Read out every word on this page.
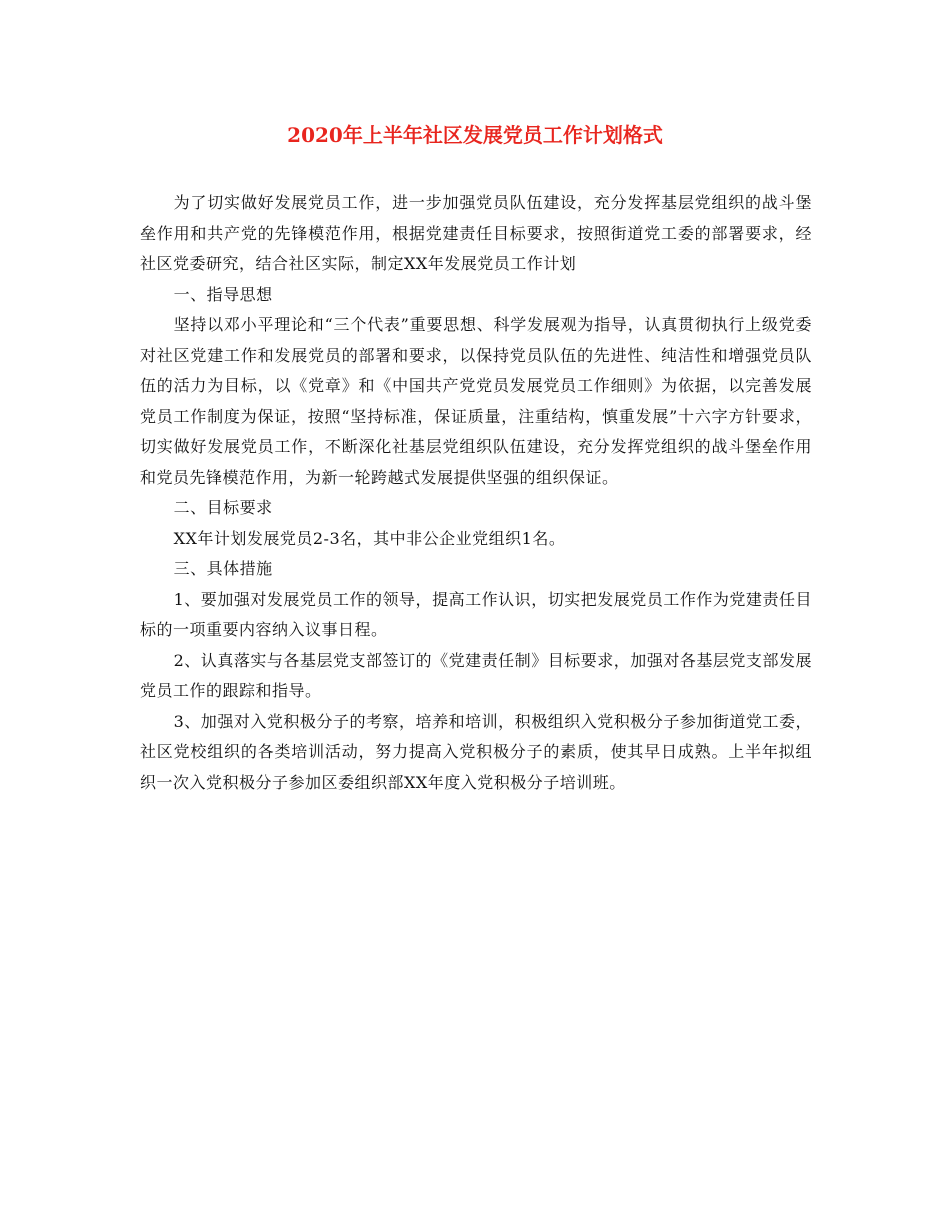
2020年上半年社区发展党员工作计划格式

为了切实做好发展党员工作，进一步加强党员队伍建设，充分发挥基层党组织的战斗堡垒作用和共产党的先锋模范作用，根据党建责任目标要求，按照街道党工委的部署要求，经社区党委研究，结合社区实际，制定XX年发展党员工作计划

一、指导思想

坚持以邓小平理论和“三个代表”重要思想、科学发展观为指导，认真贯彻执行上级党委对社区党建工作和发展党员的部署和要求，以保持党员队伍的先进性、纯洁性和增强党员队伍的活力为目标，以《党章》和《中国共产党党员发展党员工作细则》为依据，以完善发展党员工作制度为保证，按照“坚持标准，保证质量，注重结构，慎重发展”十六字方针要求，切实做好发展党员工作，不断深化社基层党组织队伍建设，充分发挥党组织的战斗堡垒作用和党员先锋模范作用，为新一轮跨越式发展提供坚强的组织保证。

二、目标要求

XX年计划发展党员2-3名，其中非公企业党组织1名。

三、具体措施

1、要加强对发展党员工作的领导，提高工作认识，切实把发展党员工作作为党建责任目标的一项重要内容纳入议事日程。

2、认真落实与各基层党支部签订的《党建责任制》目标要求，加强对各基层党支部发展党员工作的跟踪和指导。

3、加强对入党积极分子的考察，培养和培训，积极组织入党积极分子参加街道党工委，社区党校组织的各类培训活动，努力提高入党积极分子的素质，使其早日成熟。上半年拟组织一次入党积极分子参加区委组织部XX年度入党积极分子培训班。
